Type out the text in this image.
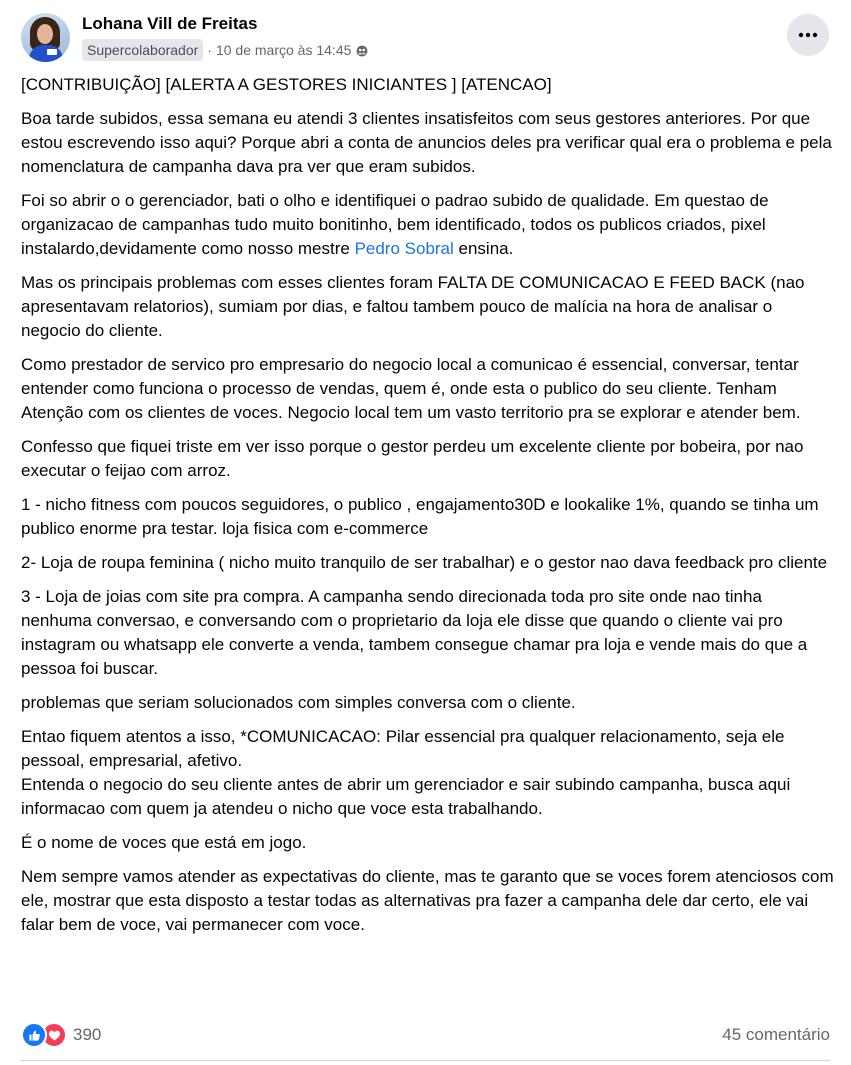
Lohana Vill de Freitas
Supercolaborador · 10 de março às 14:45

[CONTRIBUIÇÃO] [ALERTA A GESTORES INICIANTES ] [ATENCAO]

Boa tarde subidos, essa semana eu atendi 3 clientes insatisfeitos com seus gestores anteriores. Por que estou escrevendo isso aqui? Porque abri a conta de anuncios deles pra verificar qual era o problema e pela nomenclatura de campanha dava pra ver que eram subidos.

Foi so abrir o o gerenciador, bati o olho e identifiquei o padrao subido de qualidade. Em questao de organizacao de campanhas tudo muito bonitinho, bem identificado, todos os publicos criados, pixel instalardo,devidamente como nosso mestre Pedro Sobral ensina.

Mas os principais problemas com esses clientes foram FALTA DE COMUNICACAO E FEED BACK (nao apresentavam relatorios), sumiam por dias, e faltou tambem pouco de malícia na hora de analisar o negocio do cliente.

Como prestador de servico pro empresario do negocio local a comunicao é essencial, conversar, tentar entender como funciona o processo de vendas, quem é, onde esta o publico do seu cliente. Tenham Atenção com os clientes de voces. Negocio local tem um vasto territorio pra se explorar e atender bem.

Confesso que fiquei triste em ver isso porque o gestor perdeu um excelente cliente por bobeira, por nao executar o feijao com arroz.

1 - nicho fitness com poucos seguidores, o publico , engajamento30D e lookalike 1%, quando se tinha um publico enorme pra testar. loja fisica com e-commerce

2- Loja de roupa feminina ( nicho muito tranquilo de ser trabalhar) e o gestor nao dava feedback pro cliente

3 - Loja de joias com site pra compra. A campanha sendo direcionada toda pro site onde nao tinha nenhuma conversao, e conversando com o proprietario da loja ele disse que quando o cliente vai pro instagram ou whatsapp ele converte a venda, tambem consegue chamar pra loja e vende mais do que a pessoa foi buscar.

problemas que seriam solucionados com simples conversa com o cliente.

Entao fiquem atentos a isso, *COMUNICACAO: Pilar essencial pra qualquer relacionamento, seja ele pessoal, empresarial, afetivo.

Entenda o negocio do seu cliente antes de abrir um gerenciador e sair subindo campanha, busca aqui informacao com quem ja atendeu o nicho que voce esta trabalhando.

É o nome de voces que está em jogo.

Nem sempre vamos atender as expectativas do cliente, mas te garanto que se voces forem atenciosos com ele, mostrar que esta disposto a testar todas as alternativas pra fazer a campanha dele dar certo, ele vai falar bem de voce, vai permanecer com voce.

390	45 comentário
